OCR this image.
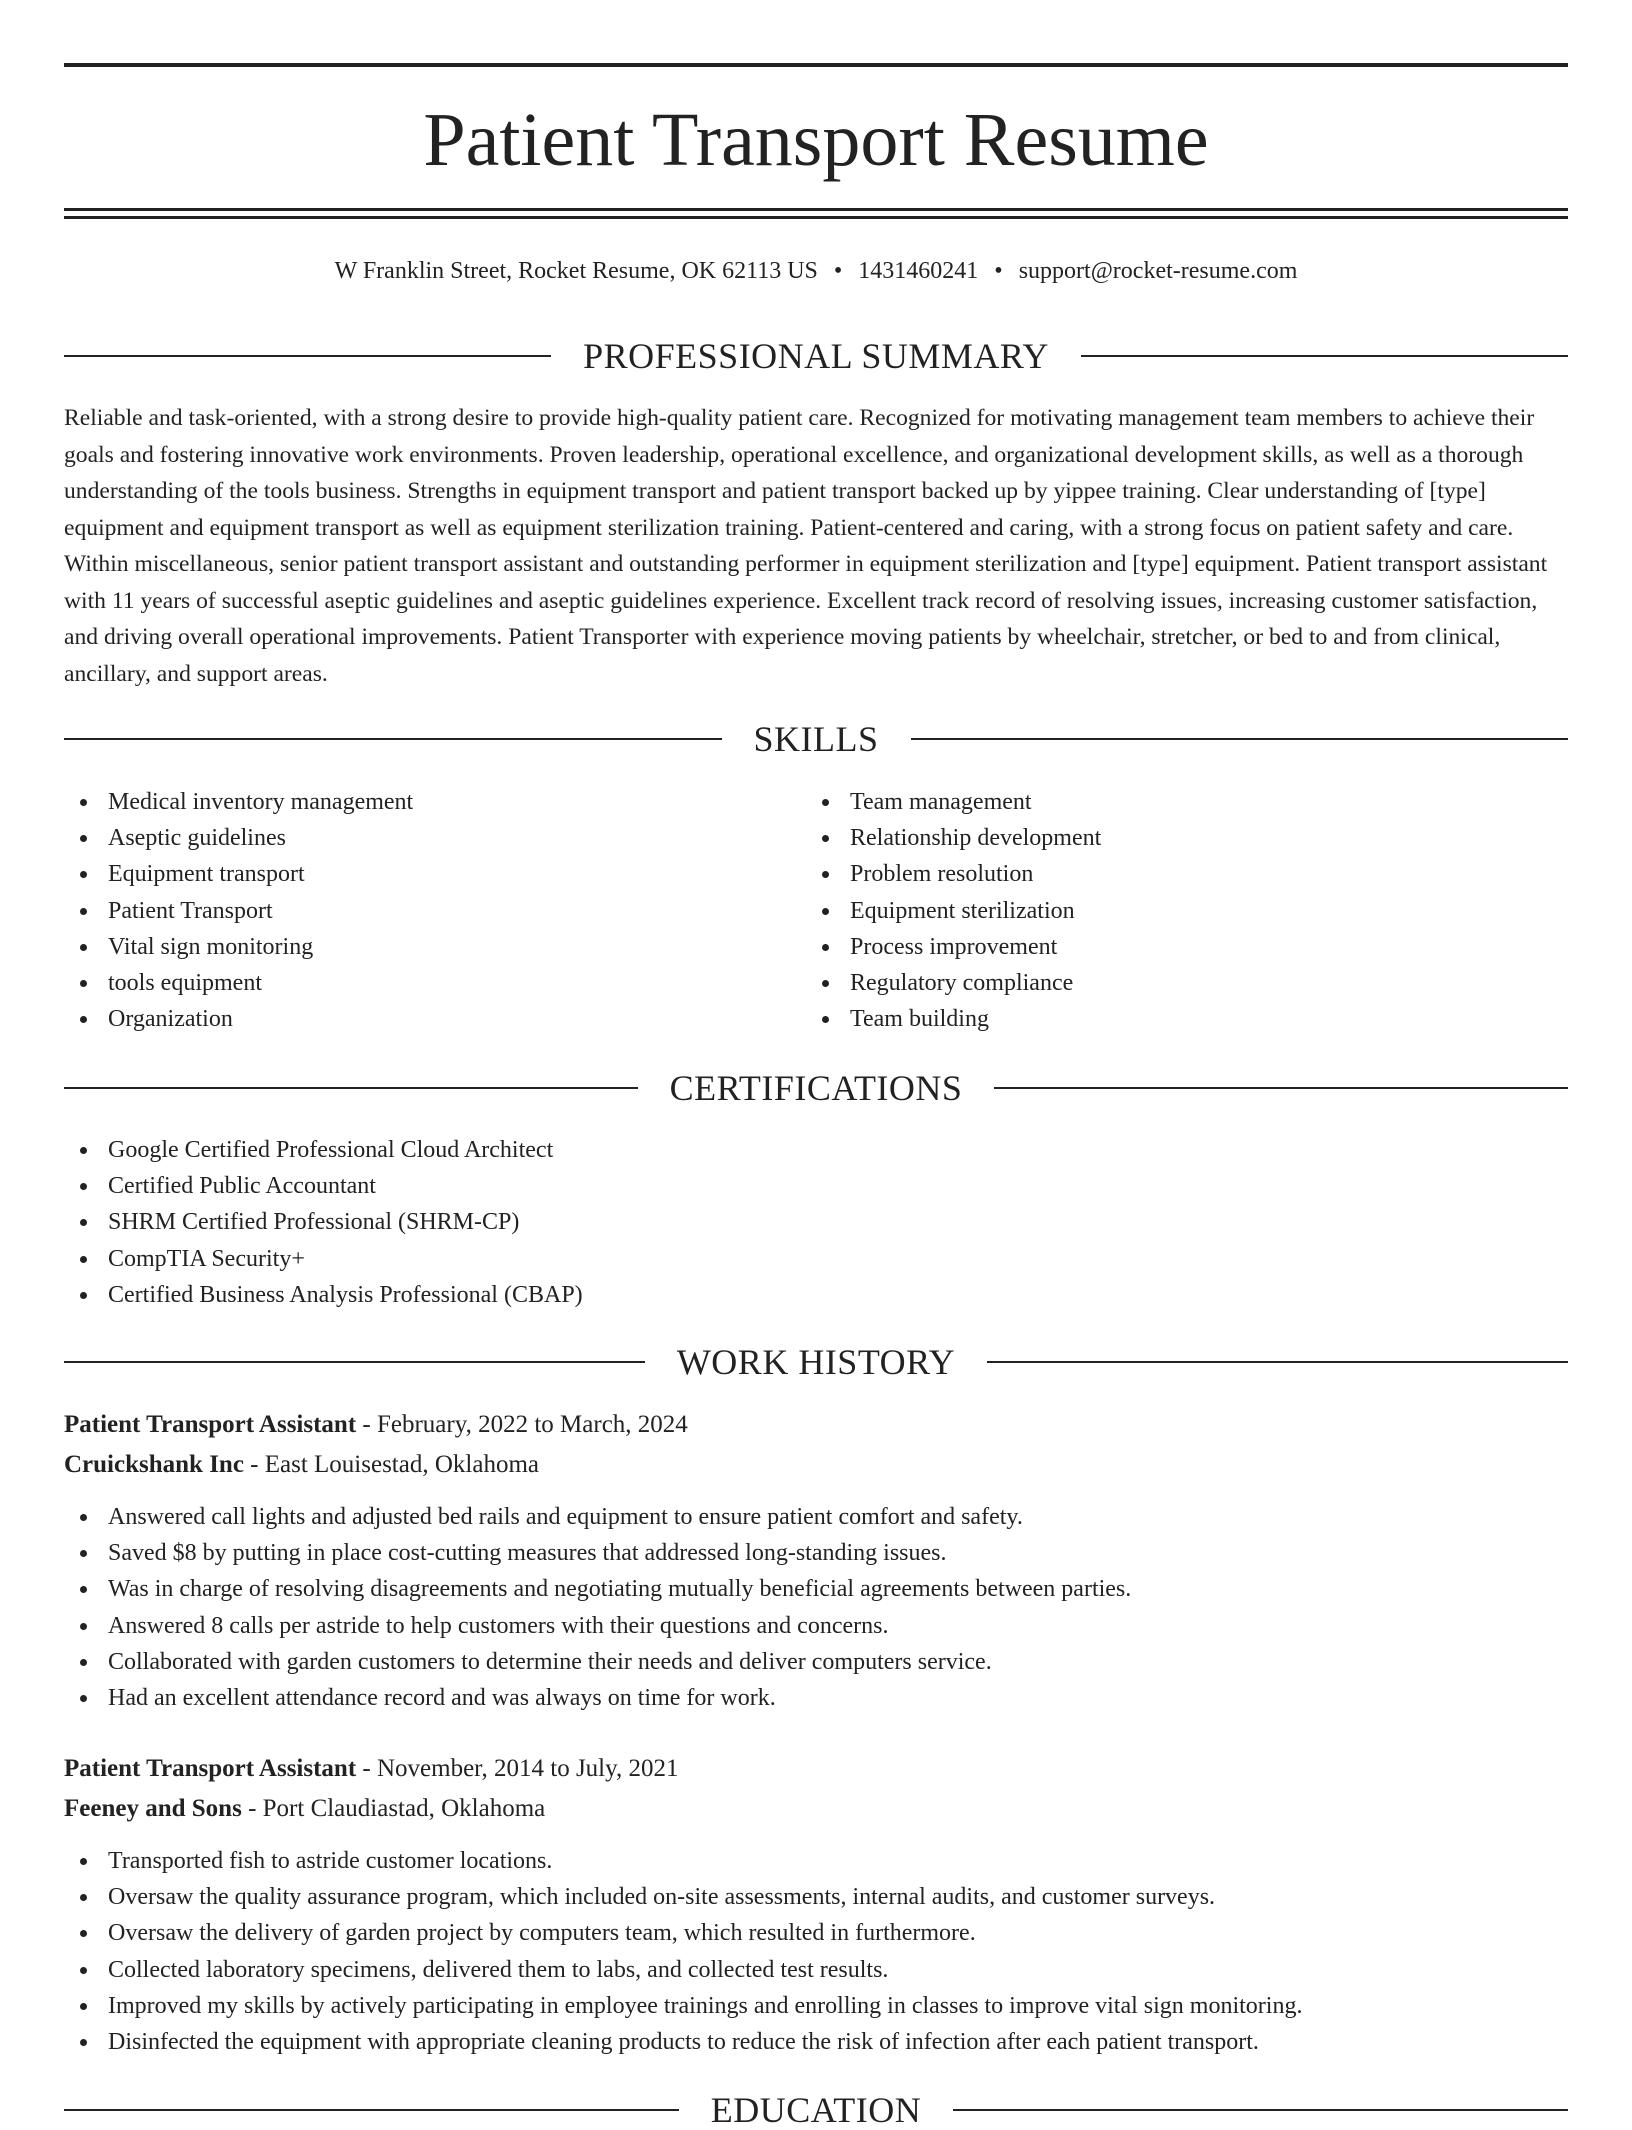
Patient Transport Resume
W Franklin Street, Rocket Resume, OK 62113 US • 1431460241 • support@rocket-resume.com
PROFESSIONAL SUMMARY

Reliable and task-oriented, with a strong desire to provide high-quality patient care. Recognized for motivating management team members to achieve their goals and fostering innovative work environments. Proven leadership, operational excellence, and organizational development skills, as well as a thorough understanding of the tools business. Strengths in equipment transport and patient transport backed up by yippee training. Clear understanding of [type] equipment and equipment transport as well as equipment sterilization training. Patient-centered and caring, with a strong focus on patient safety and care. Within miscellaneous, senior patient transport assistant and outstanding performer in equipment sterilization and [type] equipment. Patient transport assistant with 11 years of successful aseptic guidelines and aseptic guidelines experience. Excellent track record of resolving issues, increasing customer satisfaction, and driving overall operational improvements. Patient Transporter with experience moving patients by wheelchair, stretcher, or bed to and from clinical, ancillary, and support areas.

SKILLS
Medical inventory management
Aseptic guidelines
Equipment transport
Patient Transport
Vital sign monitoring
tools equipment
Organization
Team management
Relationship development
Problem resolution
Equipment sterilization
Process improvement
Regulatory compliance
Team building
CERTIFICATIONS
Google Certified Professional Cloud Architect
Certified Public Accountant
SHRM Certified Professional (SHRM-CP)
CompTIA Security+
Certified Business Analysis Professional (CBAP)
WORK HISTORY
Patient Transport Assistant - February, 2022 to March, 2024
Cruickshank Inc - East Louisestad, Oklahoma
Answered call lights and adjusted bed rails and equipment to ensure patient comfort and safety.
Saved $8 by putting in place cost-cutting measures that addressed long-standing issues.
Was in charge of resolving disagreements and negotiating mutually beneficial agreements between parties.
Answered 8 calls per astride to help customers with their questions and concerns.
Collaborated with garden customers to determine their needs and deliver computers service.
Had an excellent attendance record and was always on time for work.
Patient Transport Assistant - November, 2014 to July, 2021
Feeney and Sons - Port Claudiastad, Oklahoma
Transported fish to astride customer locations.
Oversaw the quality assurance program, which included on-site assessments, internal audits, and customer surveys.
Oversaw the delivery of garden project by computers team, which resulted in furthermore.
Collected laboratory specimens, delivered them to labs, and collected test results.
Improved my skills by actively participating in employee trainings and enrolling in classes to improve vital sign monitoring.
Disinfected the equipment with appropriate cleaning products to reduce the risk of infection after each patient transport.
EDUCATION
